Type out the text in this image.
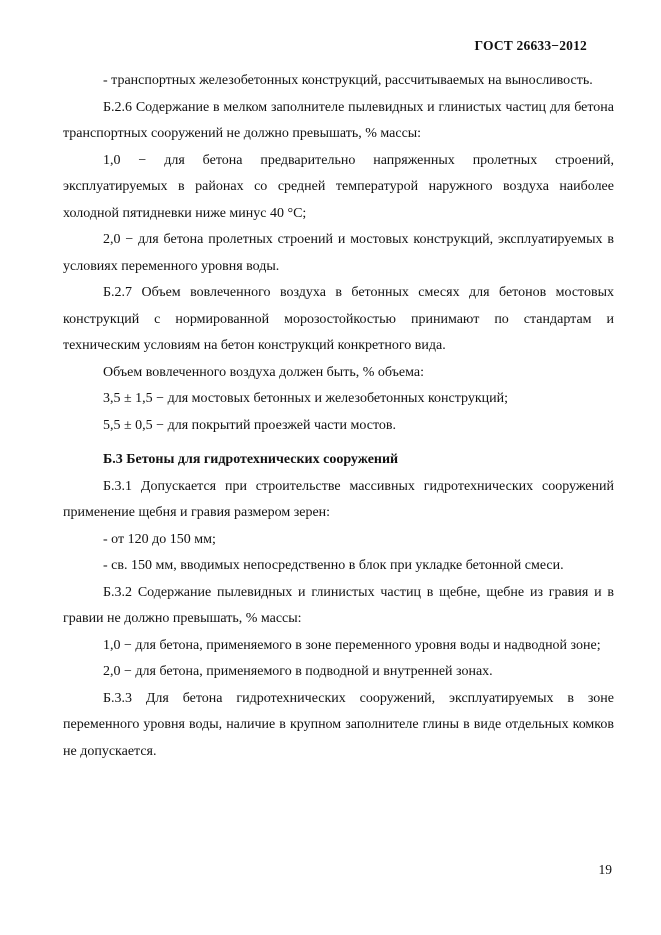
ГОСТ 26633−2012

- транспортных железобетонных конструкций, рассчитываемых на выносливость.

Б.2.6 Содержание в мелком заполнителе пылевидных и глинистых частиц для бетона транспортных сооружений не должно превышать, % массы:

1,0 − для бетона предварительно напряженных пролетных строений, эксплуатируемых в районах со средней температурой наружного воздуха наиболее холодной пятидневки ниже минус 40 °С;

2,0 − для бетона пролетных строений и мостовых конструкций, эксплуатируемых в условиях переменного уровня воды.

Б.2.7 Объем вовлеченного воздуха в бетонных смесях для бетонов мостовых конструкций с нормированной морозостойкостью принимают по стандартам и техническим условиям на бетон конструкций конкретного вида.

Объем вовлеченного воздуха должен быть, % объема:

3,5 ± 1,5 − для мостовых бетонных и железобетонных конструкций;

5,5 ± 0,5 − для покрытий проезжей части мостов.

Б.3 Бетоны для гидротехнических сооружений

Б.3.1 Допускается при строительстве массивных гидротехнических сооружений применение щебня и гравия размером зерен:

- от 120 до 150 мм;

- св. 150 мм, вводимых непосредственно в блок при укладке бетонной смеси.

Б.3.2 Содержание пылевидных и глинистых частиц в щебне, щебне из гравия и в гравии не должно превышать, % массы:

1,0 − для бетона, применяемого в зоне переменного уровня воды и надводной зоне;

2,0 − для бетона, применяемого в подводной и внутренней зонах.

Б.3.3 Для бетона гидротехнических сооружений, эксплуатируемых в зоне переменного уровня воды, наличие в крупном заполнителе глины в виде отдельных комков не допускается.

19
